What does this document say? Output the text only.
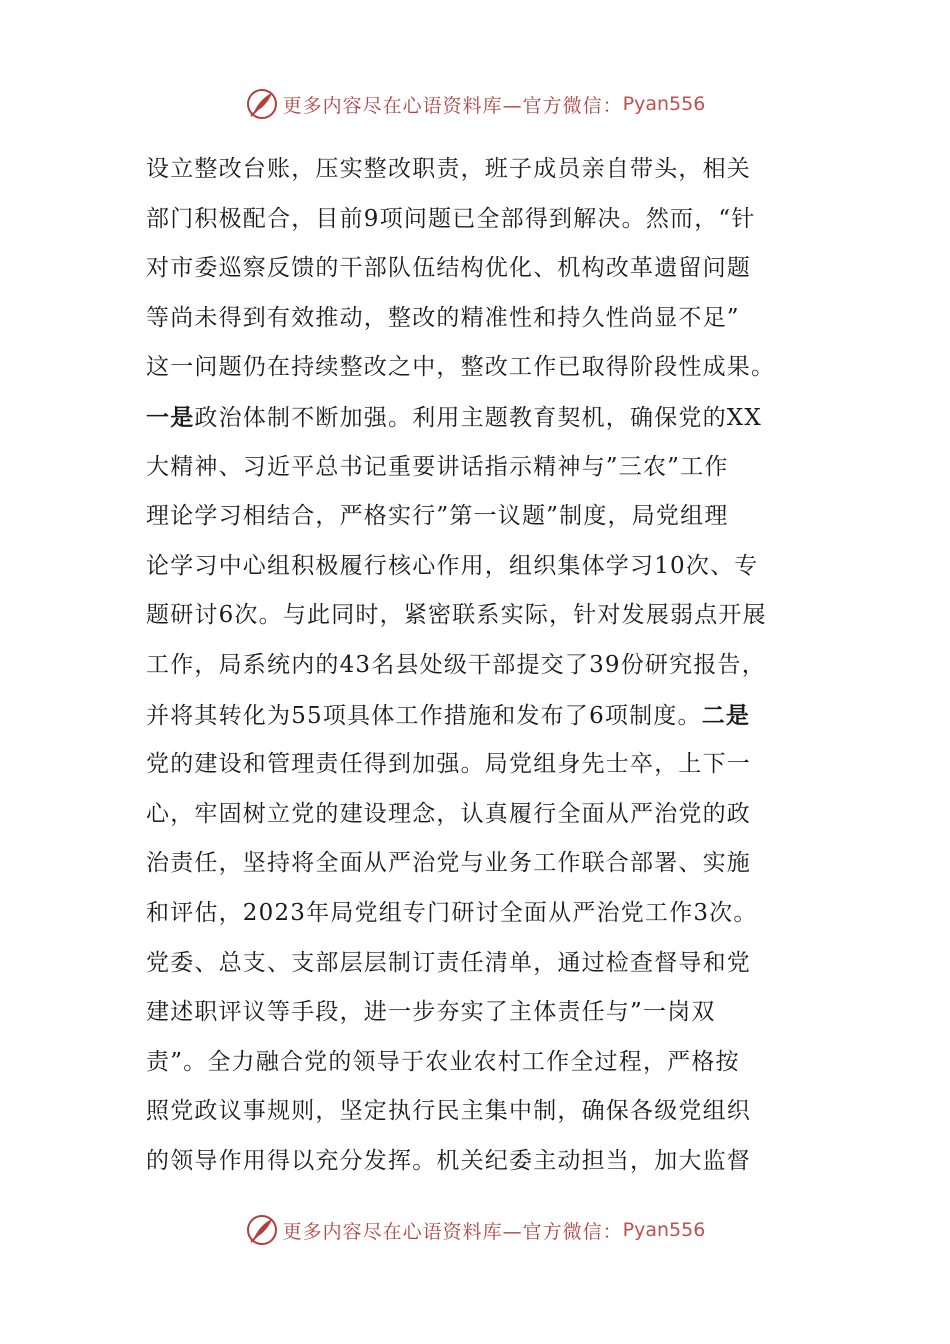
更多内容尽在心语资料库—官方微信： Pyan556
设立整改台账，压实整改职责，班子成员亲自带头，相关
部门积极配合，目前9项问题已全部得到解决。然而，“针
对市委巡察反馈的干部队伍结构优化、机构改革遗留问题
等尚未得到有效推动，整改的精准性和持久性尚显不足”
这一问题仍在持续整改之中，整改工作已取得阶段性成果。
一是政治体制不断加强。利用主题教育契机，确保党的XX
大精神、习近平总书记重要讲话指示精神与”三农”工作
理论学习相结合，严格实行”第一议题”制度，局党组理
论学习中心组积极履行核心作用，组织集体学习10次、专
题研讨6次。与此同时，紧密联系实际，针对发展弱点开展
工作，局系统内的43名县处级干部提交了39份研究报告，
并将其转化为55项具体工作措施和发布了6项制度。二是
党的建设和管理责任得到加强。局党组身先士卒，上下一
心，牢固树立党的建设理念，认真履行全面从严治党的政
治责任，坚持将全面从严治党与业务工作联合部署、实施
和评估，2023年局党组专门研讨全面从严治党工作3次。
党委、总支、支部层层制订责任清单，通过检查督导和党
建述职评议等手段，进一步夯实了主体责任与”一岗双
责”。全力融合党的领导于农业农村工作全过程，严格按
照党政议事规则，坚定执行民主集中制，确保各级党组织
的领导作用得以充分发挥。机关纪委主动担当，加大监督
更多内容尽在心语资料库—官方微信： Pyan556
